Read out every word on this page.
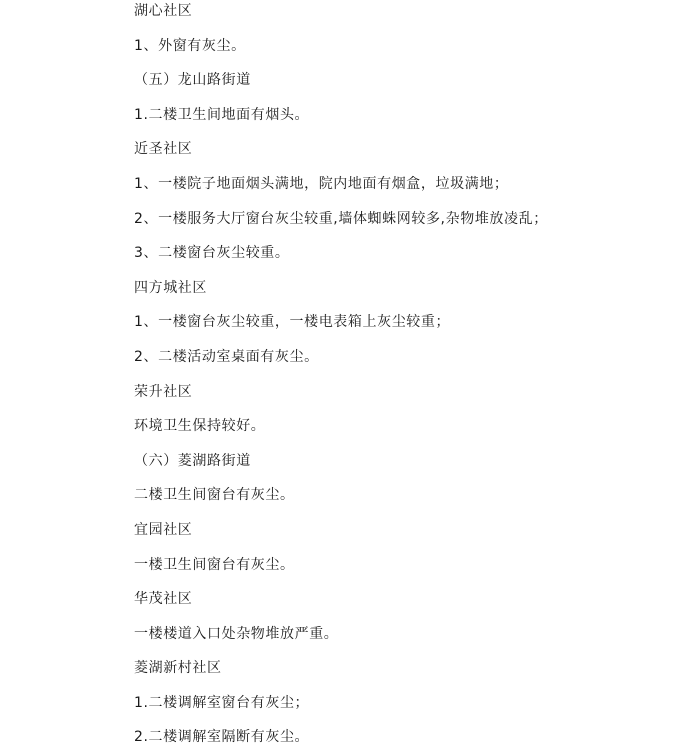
湖心社区
1、外窗有灰尘。
（五）龙山路街道
1.二楼卫生间地面有烟头。
近圣社区
1、一楼院子地面烟头满地，院内地面有烟盒，垃圾满地；
2、一楼服务大厅窗台灰尘较重,墙体蜘蛛网较多,杂物堆放凌乱；
3、二楼窗台灰尘较重。
四方城社区
1、一楼窗台灰尘较重，一楼电表箱上灰尘较重；
2、二楼活动室桌面有灰尘。
荣升社区
环境卫生保持较好。
（六）菱湖路街道
二楼卫生间窗台有灰尘。
宜园社区
一楼卫生间窗台有灰尘。
华茂社区
一楼楼道入口处杂物堆放严重。
菱湖新村社区
1.二楼调解室窗台有灰尘；
2.二楼调解室隔断有灰尘。
